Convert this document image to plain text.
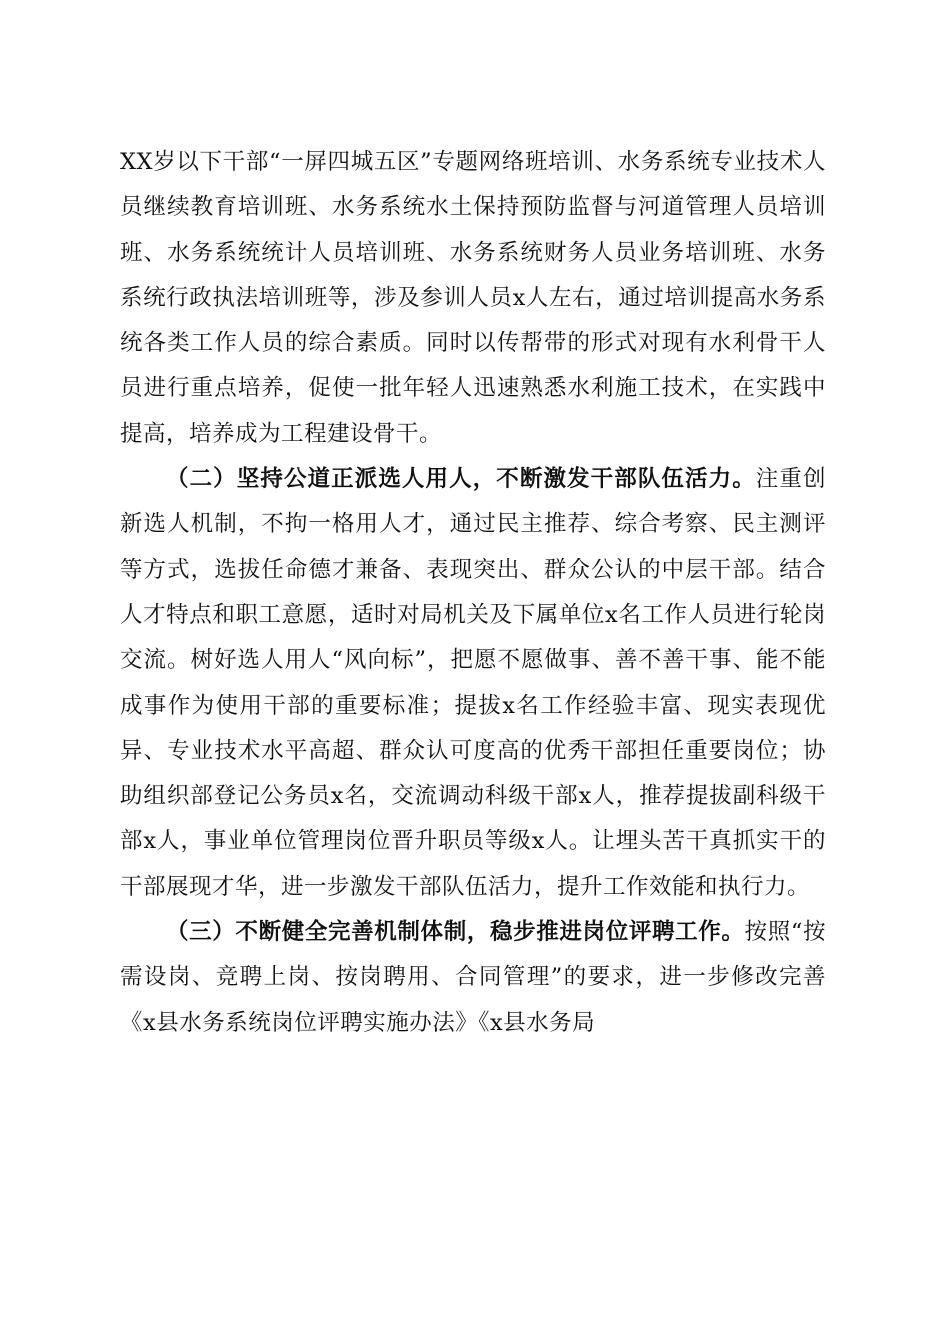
XX岁以下干部“一屏四城五区”专题网络班培训、水务系统专业技术人员继续教育培训班、水务系统水土保持预防监督与河道管理人员培训班、水务系统统计人员培训班、水务系统财务人员业务培训班、水务系统行政执法培训班等，涉及参训人员x人左右，通过培训提高水务系统各类工作人员的综合素质。同时以传帮带的形式对现有水利骨干人员进行重点培养，促使一批年轻人迅速熟悉水利施工技术，在实践中提高，培养成为工程建设骨干。

（二）坚持公道正派选人用人，不断激发干部队伍活力。注重创新选人机制，不拘一格用人才，通过民主推荐、综合考察、民主测评等方式，选拔任命德才兼备、表现突出、群众公认的中层干部。结合人才特点和职工意愿，适时对局机关及下属单位x名工作人员进行轮岗交流。树好选人用人“风向标”，把愿不愿做事、善不善干事、能不能成事作为使用干部的重要标准；提拔x名工作经验丰富、现实表现优异、专业技术水平高超、群众认可度高的优秀干部担任重要岗位；协助组织部登记公务员x名，交流调动科级干部x人，推荐提拔副科级干部x人，事业单位管理岗位晋升职员等级x人。让埋头苦干真抓实干的干部展现才华，进一步激发干部队伍活力，提升工作效能和执行力。

（三）不断健全完善机制体制，稳步推进岗位评聘工作。按照“按需设岗、竞聘上岗、按岗聘用、合同管理”的要求，进一步修改完善《x县水务系统岗位评聘实施办法》《x县水务局
